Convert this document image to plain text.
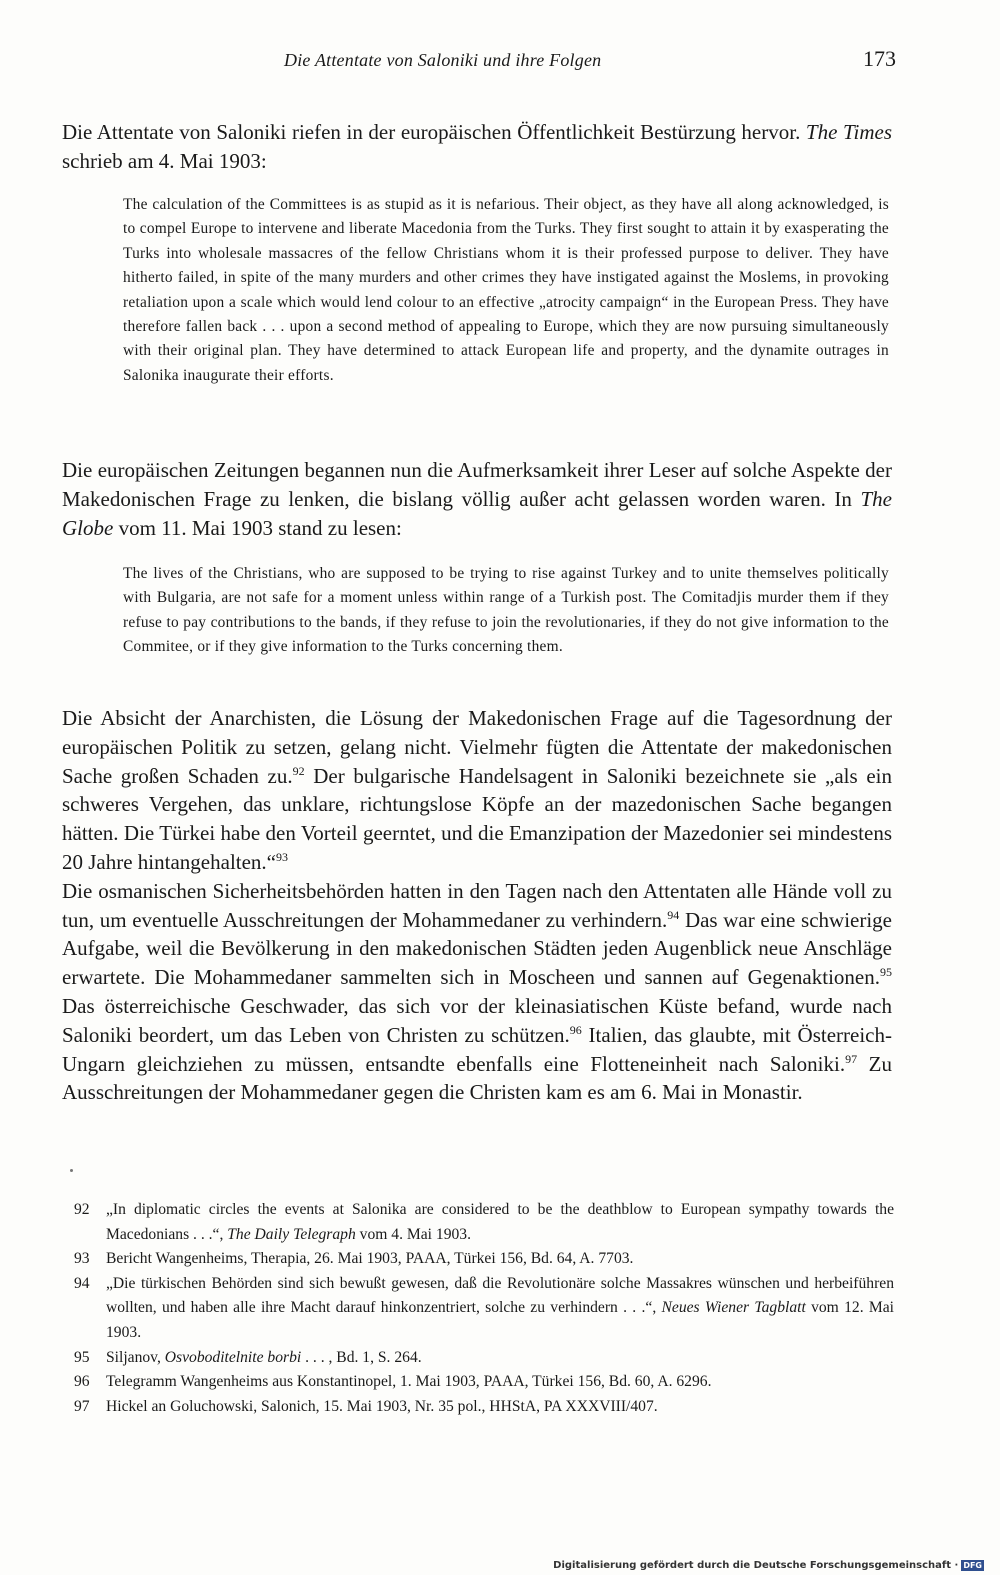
Die Attentate von Saloniki und ihre Folgen	173

Die Attentate von Saloniki riefen in der europäischen Öffentlichkeit Bestürzung hervor. The Times schrieb am 4. Mai 1903:

The calculation of the Committees is as stupid as it is nefarious. Their object, as they have all along acknowledged, is to compel Europe to intervene and liberate Macedonia from the Turks. They first sought to attain it by exasperating the Turks into wholesale massacres of the fellow Christians whom it is their professed purpose to deliver. They have hitherto failed, in spite of the many murders and other crimes they have instigated against the Moslems, in provoking retaliation upon a scale which would lend colour to an effective „atrocity campaign“ in the European Press. They have therefore fallen back . . . upon a second method of appealing to Europe, which they are now pursuing simultaneously with their original plan. They have determined to attack European life and property, and the dynamite outrages in Salonika inaugurate their efforts.

Die europäischen Zeitungen begannen nun die Aufmerksamkeit ihrer Leser auf solche Aspekte der Makedonischen Frage zu lenken, die bislang völlig außer acht gelassen worden waren. In The Globe vom 11. Mai 1903 stand zu lesen:

The lives of the Christians, who are supposed to be trying to rise against Turkey and to unite themselves politically with Bulgaria, are not safe for a moment unless within range of a Turkish post. The Comitadjis murder them if they refuse to pay contributions to the bands, if they refuse to join the revolutionaries, if they do not give information to the Commitee, or if they give information to the Turks concerning them.
Die Absicht der Anarchisten, die Lösung der Makedonischen Frage auf die Tagesordnung der europäischen Politik zu setzen, gelang nicht. Vielmehr fügten die Attentate der makedonischen Sache großen Schaden zu.$^{92}$ Der bulgarische Handelsagent in Saloniki bezeichnete sie „als ein schweres Vergehen, das unklare, richtungslose Köpfe an der mazedonischen Sache begangen hätten. Die Türkei habe den Vorteil geerntet, und die Emanzipation der Mazedonier sei mindestens 20 Jahre hintangehalten.“$^{93}$
Die osmanischen Sicherheitsbehörden hatten in den Tagen nach den Attentaten alle Hände voll zu tun, um eventuelle Ausschreitungen der Mohammedaner zu verhindern.$^{94}$ Das war eine schwierige Aufgabe, weil die Bevölkerung in den makedonischen Städten jeden Augenblick neue Anschläge erwartete. Die Mohammedaner sammelten sich in Moscheen und sannen auf Gegenaktionen.$^{95}$ Das österreichische Geschwader, das sich vor der kleinasiatischen Küste befand, wurde nach Saloniki beordert, um das Leben von Christen zu schützen.$^{96}$ Italien, das glaubte, mit Österreich-Ungarn gleichziehen zu müssen, entsandte ebenfalls eine Flotteneinheit nach Saloniki.$^{97}$ Zu Ausschreitungen der Mohammedaner gegen die Christen kam es am 6. Mai in Monastir.
92 „In diplomatic circles the events at Salonika are considered to be the deathblow to European sympathy towards the Macedonians . . .“, The Daily Telegraph vom 4. Mai 1903.
93 Bericht Wangenheims, Therapia, 26. Mai 1903, PAAA, Türkei 156, Bd. 64, A. 7703.
94 „Die türkischen Behörden sind sich bewußt gewesen, daß die Revolutionäre solche Massakres wünschen und herbeiführen wollten, und haben alle ihre Macht darauf hinkonzentriert, solche zu verhindern . . .“, Neues Wiener Tagblatt vom 12. Mai 1903.
95 Siljanov, Osvoboditelnite borbi . . . , Bd. 1, S. 264.
96 Telegramm Wangenheims aus Konstantinopel, 1. Mai 1903, PAAA, Türkei 156, Bd. 60, A. 6296.
97 Hickel an Goluchowski, Salonich, 15. Mai 1903, Nr. 35 pol., HHStA, PA XXXVIII/407.
Digitalisierung gefördert durch die Deutsche Forschungsgemeinschaft · DFG
